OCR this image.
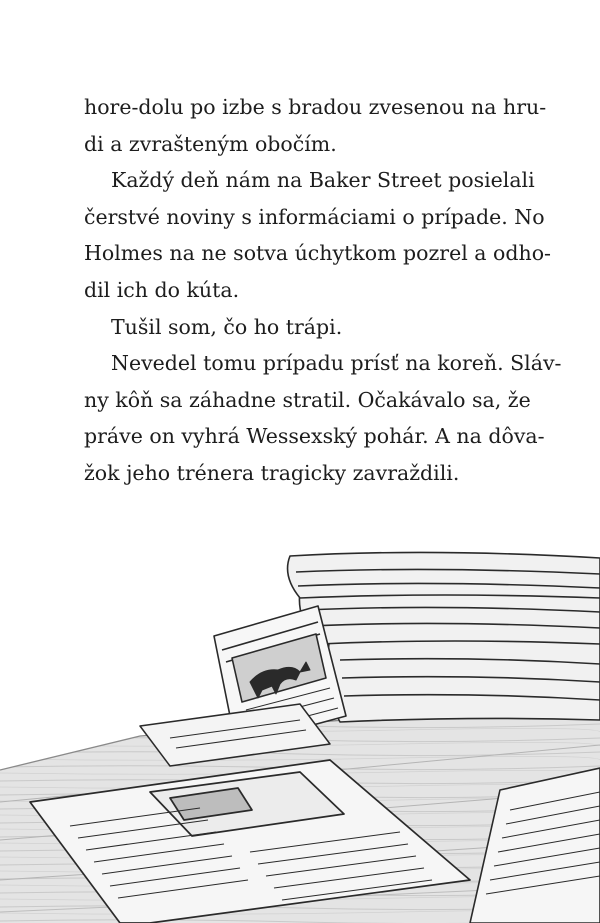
hore-dolu po izbe s bradou zvesenou na hru-
di a zvrašteným obočím.
Každý deň nám na Baker Street posielali
čerstvé noviny s informáciami o prípade. No
Holmes na ne sotva úchytkom pozrel a odho-
dil ich do kúta.
Tušil som, čo ho trápi.
Nevedel tomu prípadu prísť na koreň. Sláv-
ny kôň sa záhadne stratil. Očakávalo sa, že
práve on vyhrá Wessexský pohár. A na dôva-
žok jeho trénera tragicky zavraždili.
